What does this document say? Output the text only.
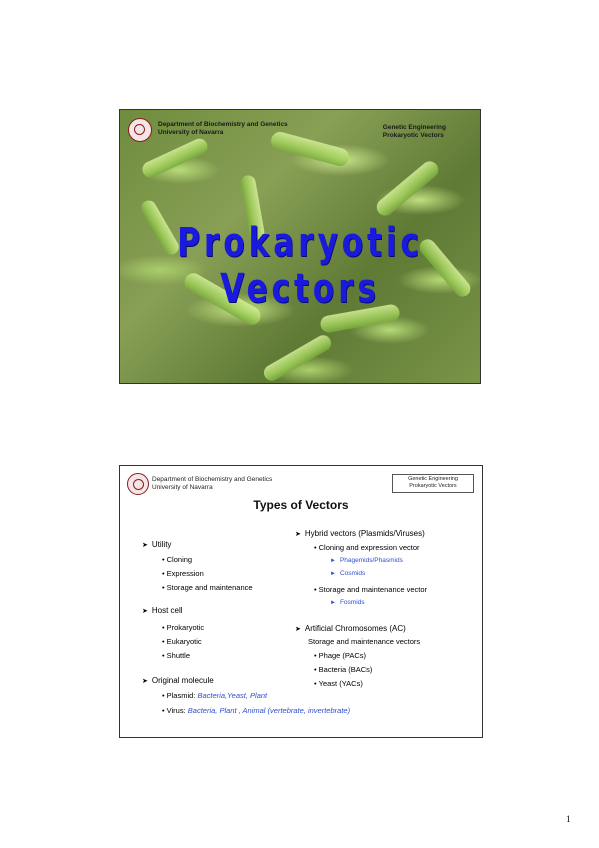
Department of Biochemistry and Genetics
University of Navarra
Genetic Engineering
Prokaryotic Vectors
Prokaryotic Vectors
Department of Biochemistry and Genetics
University of Navarra
Genetic Engineering
Prokaryotic Vectors
Types of Vectors
➤ Utility
• Cloning
• Expression
• Storage and maintenance
➤ Host cell
• Prokaryotic
• Eukaryotic
• Shuttle
➤ Original molecule
• Plasmid: Bacteria,Yeast, Plant
• Virus: Bacteria, Plant , Animal (vertebrate, invertebrate)
➤ Hybrid vectors (Plasmids/Viruses)
• Cloning and expression vector
► Phagemids/Phasmids
► Cosmids
• Storage and maintenance vector
► Fosmids
➤ Artificial Chromosomes (AC)
Storage and maintenance vectors
• Phage (PACs)
• Bacteria (BACs)
• Yeast (YACs)
1
